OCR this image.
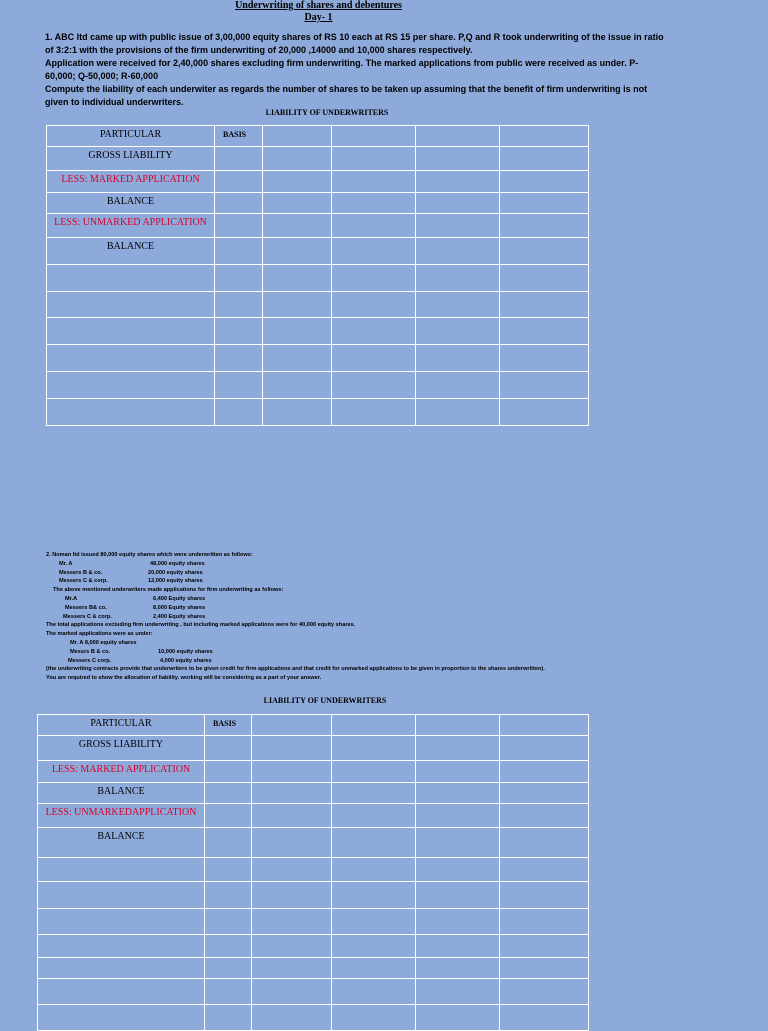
Underwriting of shares and debentures
Day- 1

1. ABC ltd came up with public issue of 3,00,000 equity shares of RS 10 each at RS 15 per share. P,Q and R took underwriting of the issue in ratio

of 3:2:1 with the provisions of the firm underwriting of 20,000 ,14000 and 10,000 shares respectively.

Application were received for 2,40,000 shares excluding firm underwriting. The marked applications from public were received as under. P-

60,000; Q-50,000; R-60,000

Compute the liability of each underwiter as regards the number of shares to be taken up assuming that the benefit of firm underwriting is not

given to individual underwriters.

LIABILITY OF UNDERWRITERS
PARTICULAR	BASIS				
GROSS LIABILITY					
LESS: MARKED APPLICATION					
BALANCE					
LESS: UNMARKED APPLICATION					
BALANCE					

2. Noman ltd issued 80,000 equity shares which were underwritten as follows:
Mr. A	48,000 equity shares
Messers B & co.	20,000 equity shares
Messers C & corp.	12,000 equity shares
The above mentioned underwriters made applications for firm underwriting as follows:
Mr.A	6,400 Equity shares
Messers B& co.	8,000 Equity shares
Messers C & corp.	2,400 Equity shares
The total applications excluding firm underwriting , but including marked applications were for 40,000 equity shares.
The marked applications were as under:
Mr. A 8,000 equity shares
Messrs B & co.	10,000 equity shares
Messers C corp.	4,000 equity shares
(the underwriting contracts provide that underwriters to be given credit for firm applications and that credit for unmarked applications to be given in proportion to the shares underwritten).
You are required to show the allocation of liability. working will be considering as a part of your answer.
LIABILITY OF UNDERWRITERS
PARTICULAR	BASIS				
GROSS LIABILITY					
LESS: MARKED APPLICATION					
BALANCE					
LESS: UNMARKEDAPPLICATION					
BALANCE					
